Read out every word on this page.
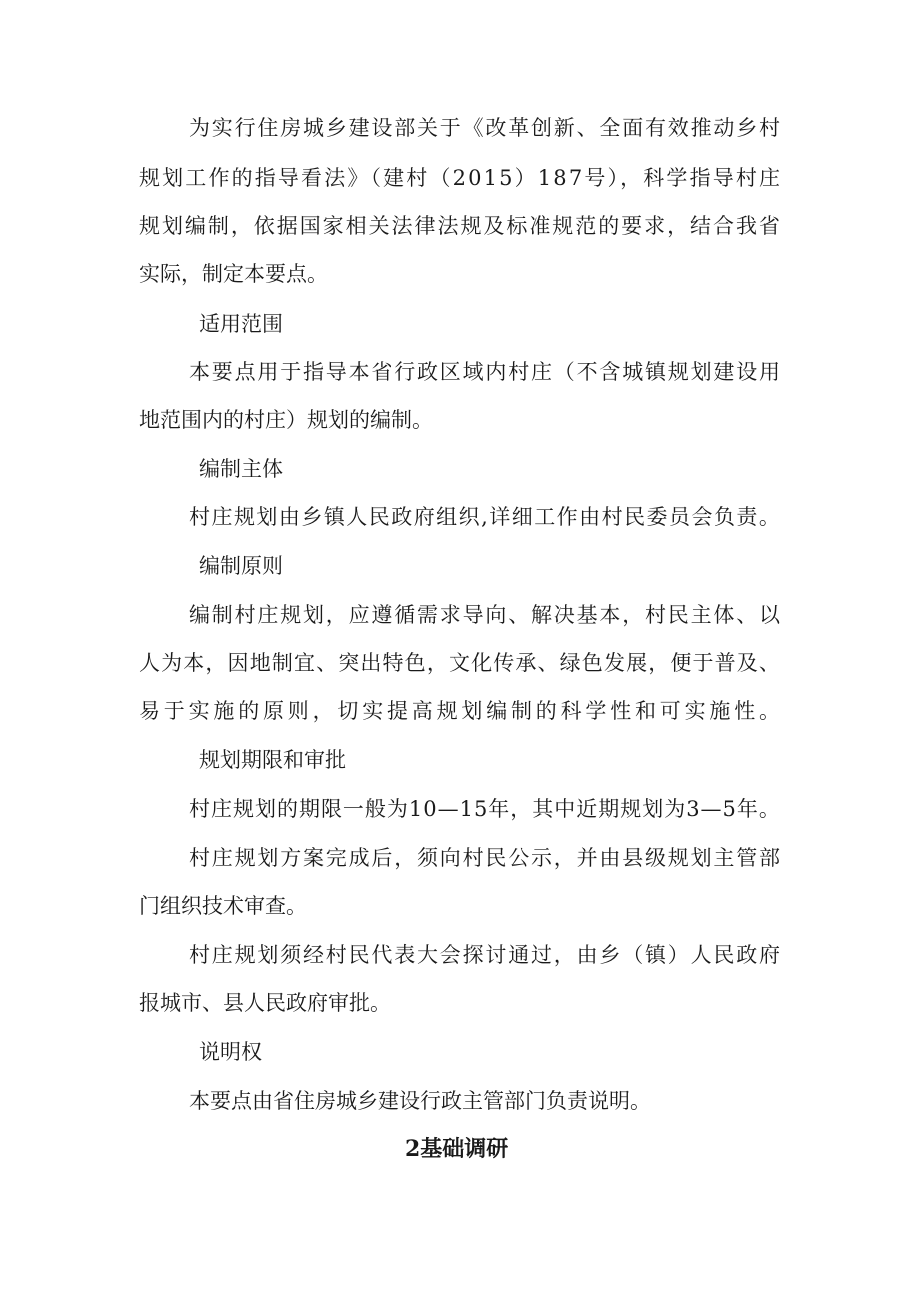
为实行住房城乡建设部关于《改革创新、全面有效推动乡村

规划工作的指导看法》（建村（2015）187号），科学指导村庄

规划编制，依据国家相关法律法规及标准规范的要求，结合我省

实际，制定本要点。

适用范围

本要点用于指导本省行政区域内村庄（不含城镇规划建设用

地范围内的村庄）规划的编制。

编制主体

村庄规划由乡镇人民政府组织,详细工作由村民委员会负责。

编制原则

编制村庄规划，应遵循需求导向、解决基本，村民主体、以

人为本，因地制宜、突出特色，文化传承、绿色发展，便于普及、

易于实施的原则，切实提高规划编制的科学性和可实施性。

规划期限和审批

村庄规划的期限一般为10—15年，其中近期规划为3—5年。

村庄规划方案完成后，须向村民公示，并由县级规划主管部

门组织技术审查。

村庄规划须经村民代表大会探讨通过，由乡（镇）人民政府

报城市、县人民政府审批。

说明权

本要点由省住房城乡建设行政主管部门负责说明。

2基础调研
